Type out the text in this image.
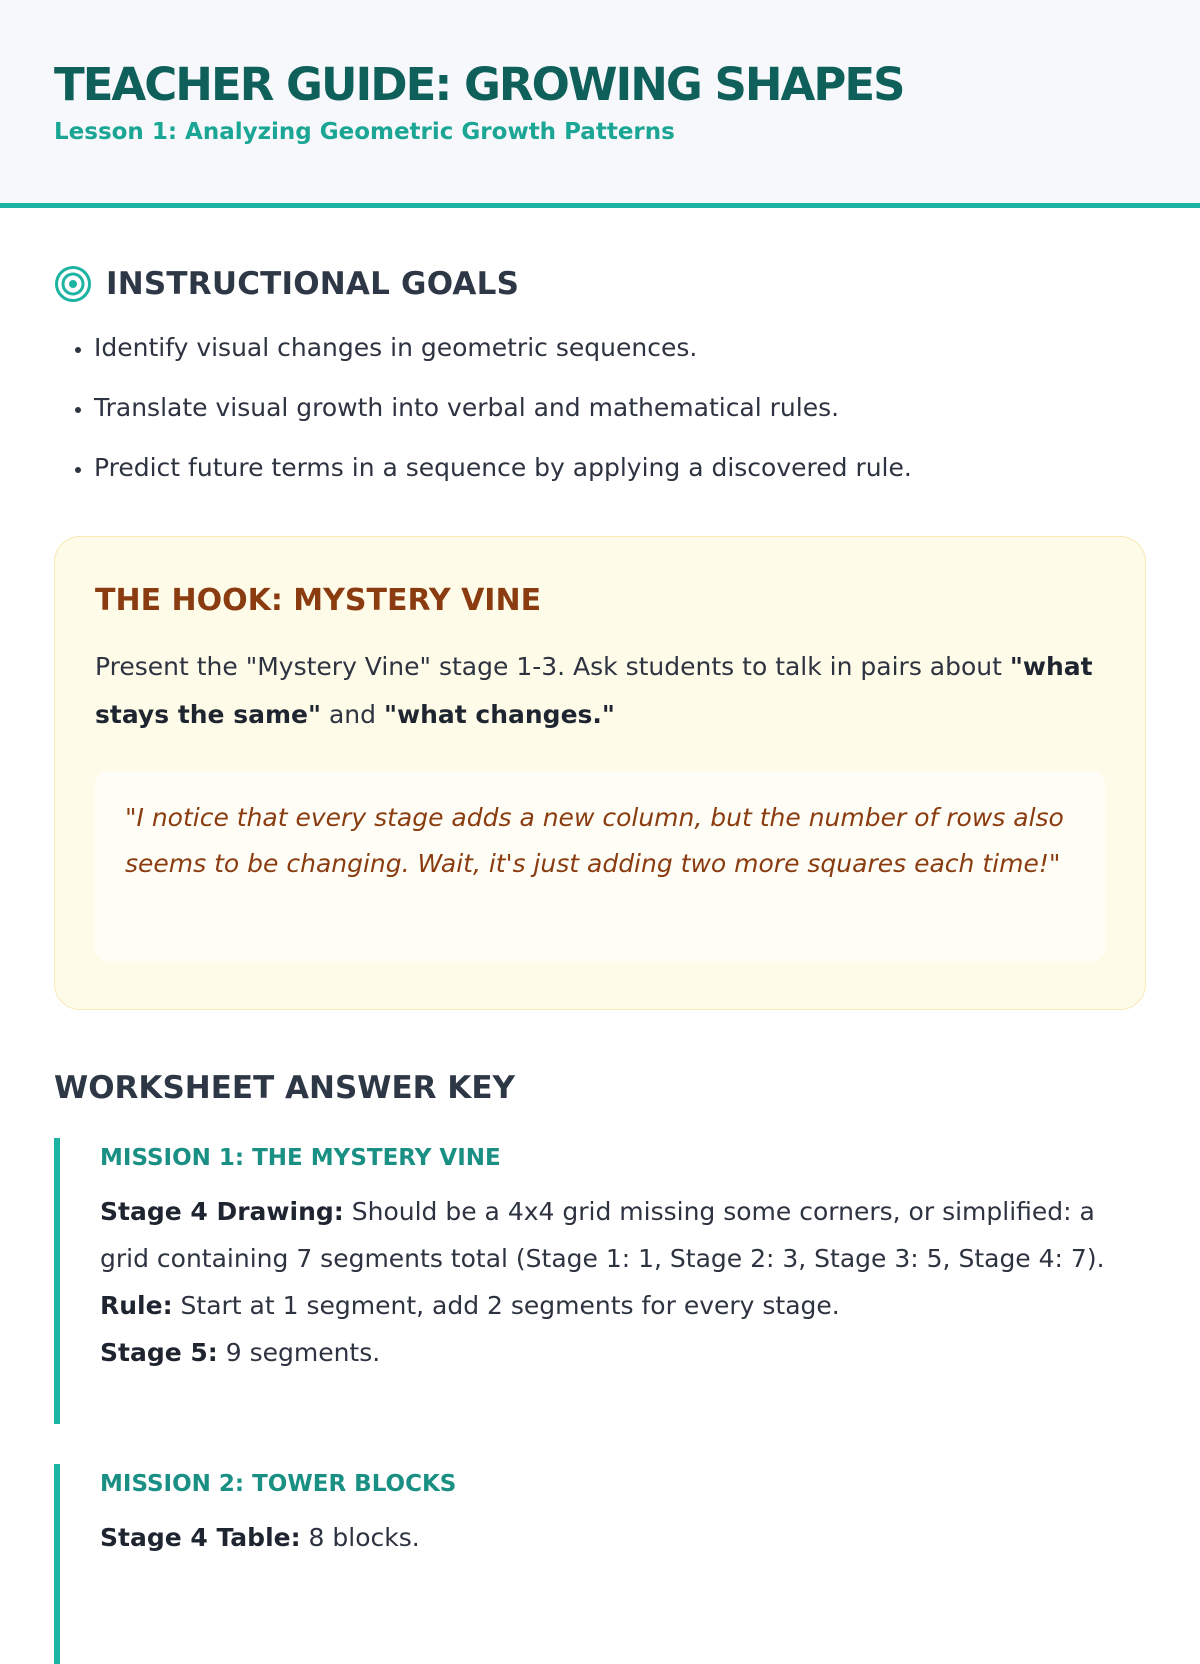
TEACHER GUIDE: GROWING SHAPES

Lesson 1: Analyzing Geometric Growth Patterns

INSTRUCTIONAL GOALS
• Identify visual changes in geometric sequences.
• Translate visual growth into verbal and mathematical rules.
• Predict future terms in a sequence by applying a discovered rule.
THE HOOK: MYSTERY VINE

Present the "Mystery Vine" stage 1-3. Ask students to talk in pairs about "what stays the same" and "what changes."

"I notice that every stage adds a new column, but the number of rows also seems to be changing. Wait, it's just adding two more squares each time!"
WORKSHEET ANSWER KEY
MISSION 1: THE MYSTERY VINE

Stage 4 Drawing: Should be a 4x4 grid missing some corners, or simplified: a grid containing 7 segments total (Stage 1: 1, Stage 2: 3, Stage 3: 5, Stage 4: 7).

Rule: Start at 1 segment, add 2 segments for every stage.

Stage 5: 9 segments.

MISSION 2: TOWER BLOCKS

Stage 4 Table: 8 blocks.
